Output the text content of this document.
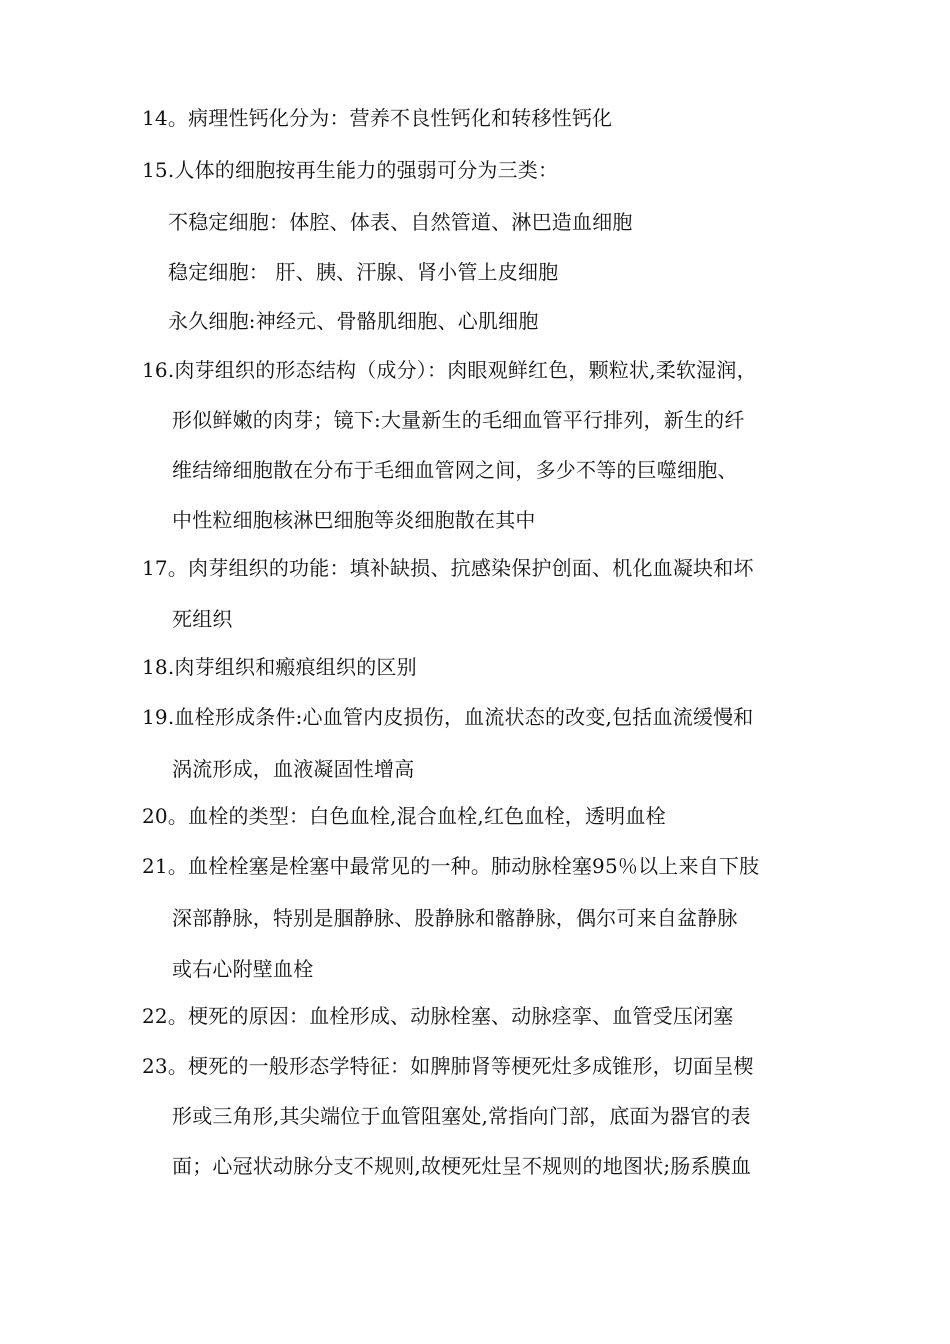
14。病理性钙化分为：营养不良性钙化和转移性钙化
15.人体的细胞按再生能力的强弱可分为三类：
不稳定细胞：体腔、体表、自然管道、淋巴造血细胞
稳定细胞： 肝、胰、汗腺、肾小管上皮细胞
永久细胞:神经元、骨骼肌细胞、心肌细胞
16.肉芽组织的形态结构（成分）：肉眼观鲜红色，颗粒状,柔软湿润，
形似鲜嫩的肉芽；镜下:大量新生的毛细血管平行排列，新生的纤
维结缔细胞散在分布于毛细血管网之间，多少不等的巨噬细胞、
中性粒细胞核淋巴细胞等炎细胞散在其中
17。肉芽组织的功能：填补缺损、抗感染保护创面、机化血凝块和坏
死组织
18.肉芽组织和瘢痕组织的区别
19.血栓形成条件:心血管内皮损伤，血流状态的改变,包括血流缓慢和
涡流形成，血液凝固性增高
20。血栓的类型：白色血栓,混合血栓,红色血栓，透明血栓
21。血栓栓塞是栓塞中最常见的一种。肺动脉栓塞95％以上来自下肢
深部静脉，特别是腘静脉、股静脉和髂静脉，偶尔可来自盆静脉
或右心附壁血栓
22。梗死的原因：血栓形成、动脉栓塞、动脉痉挛、血管受压闭塞
23。梗死的一般形态学特征：如脾肺肾等梗死灶多成锥形，切面呈楔
形或三角形,其尖端位于血管阻塞处,常指向门部，底面为器官的表
面；心冠状动脉分支不规则,故梗死灶呈不规则的地图状;肠系膜血
